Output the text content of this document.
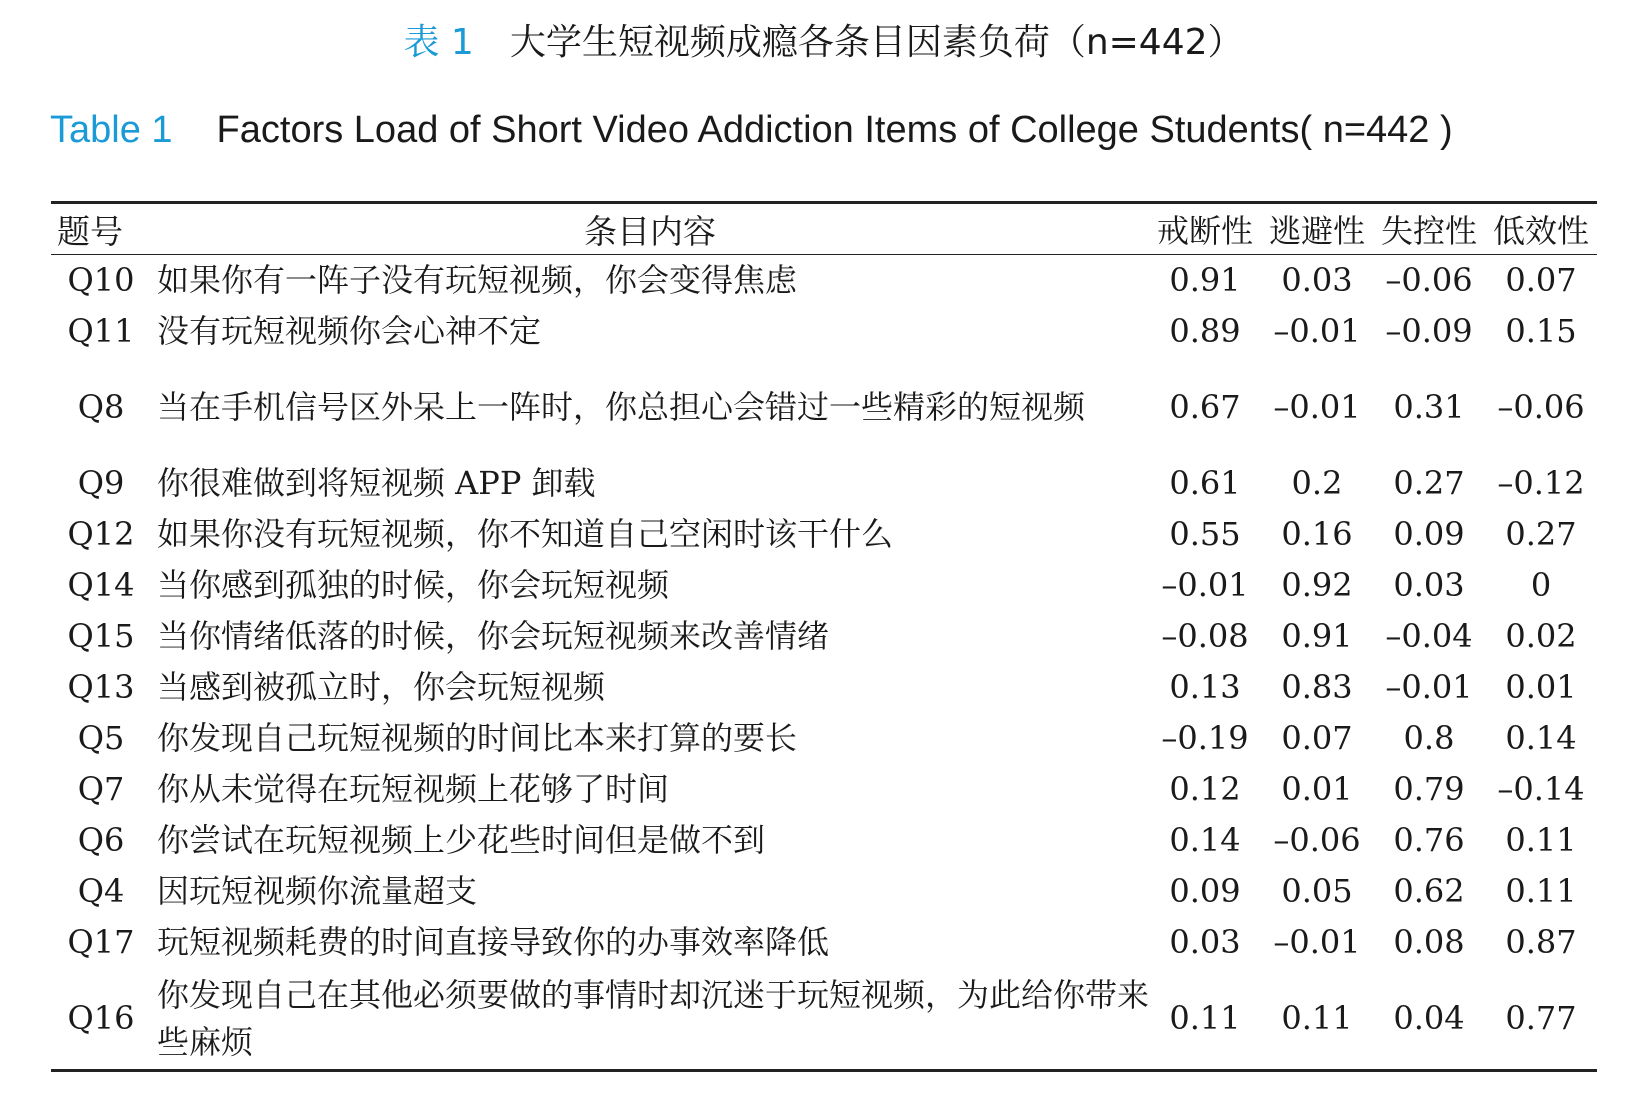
表 1 大学生短视频成瘾各条目因素负荷（n=442）
Table 1 Factors Load of Short Video Addiction Items of College Students( n=442 )
题号	条目内容	戒断性	逃避性	失控性	低效性
Q10	如果你有一阵子没有玩短视频，你会变得焦虑	0.91	0.03	–0.06	0.07
Q11	没有玩短视频你会心神不定	0.89	–0.01	–0.09	0.15
Q8	当在手机信号区外呆上一阵时，你总担心会错过一些精彩的短视频	0.67	–0.01	0.31	–0.06
Q9	你很难做到将短视频 APP 卸载	0.61	0.2	0.27	–0.12
Q12	如果你没有玩短视频，你不知道自己空闲时该干什么	0.55	0.16	0.09	0.27
Q14	当你感到孤独的时候，你会玩短视频	–0.01	0.92	0.03	0
Q15	当你情绪低落的时候，你会玩短视频来改善情绪	–0.08	0.91	–0.04	0.02
Q13	当感到被孤立时，你会玩短视频	0.13	0.83	–0.01	0.01
Q5	你发现自己玩短视频的时间比本来打算的要长	–0.19	0.07	0.8	0.14
Q7	你从未觉得在玩短视频上花够了时间	0.12	0.01	0.79	–0.14
Q6	你尝试在玩短视频上少花些时间但是做不到	0.14	–0.06	0.76	0.11
Q4	因玩短视频你流量超支	0.09	0.05	0.62	0.11
Q17	玩短视频耗费的时间直接导致你的办事效率降低	0.03	–0.01	0.08	0.87
Q16	你发现自己在其他必须要做的事情时却沉迷于玩短视频，为此给你带来些麻烦	0.11	0.11	0.04	0.77
